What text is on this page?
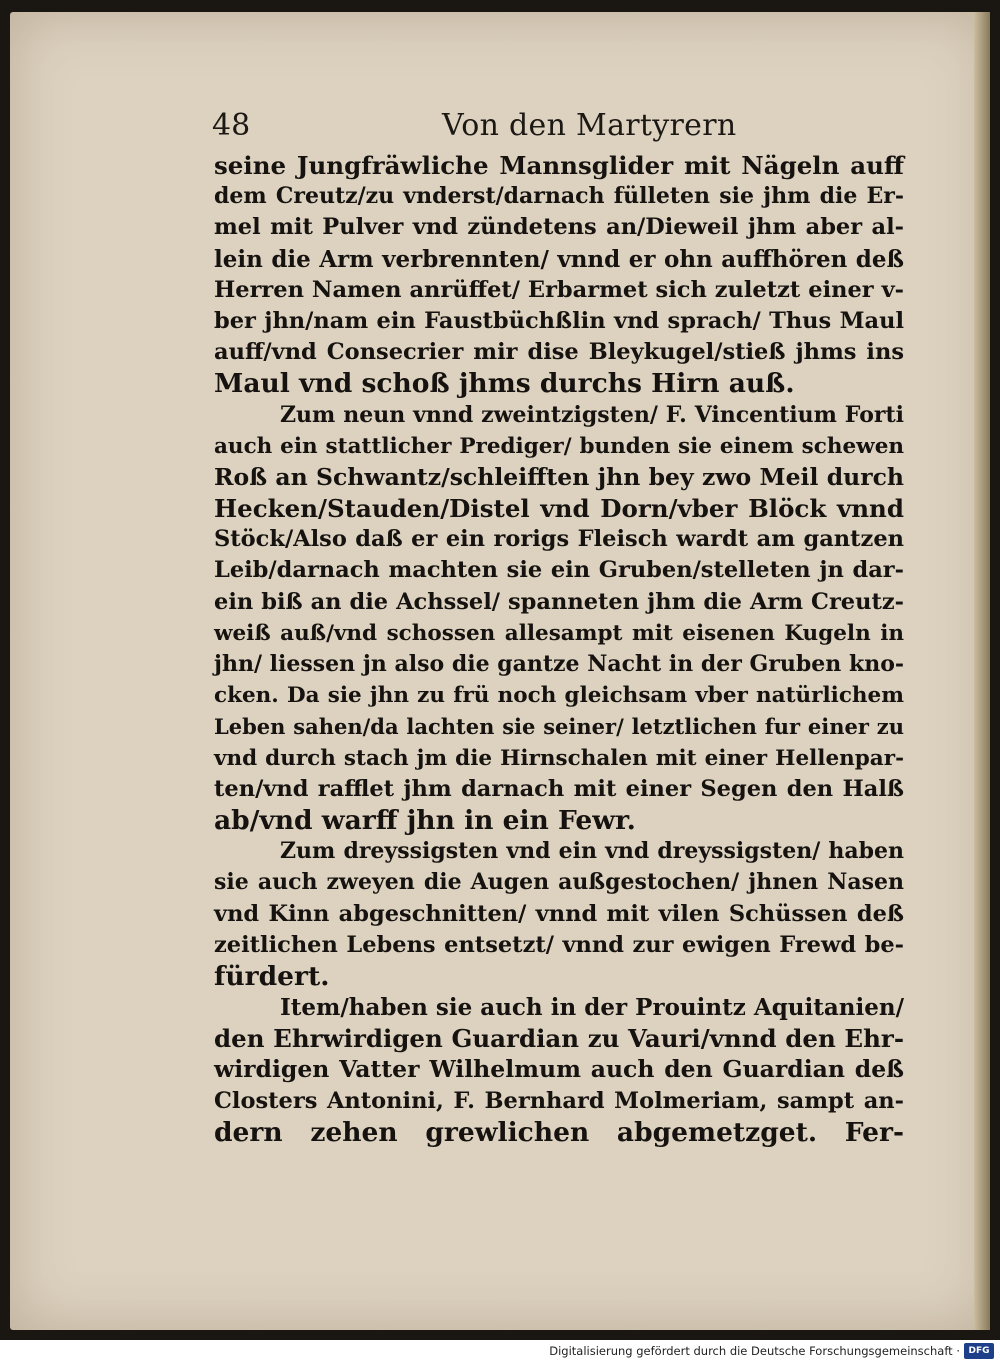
48	Von den Martyrern
seine Jungfräwliche Mannsglider mit Nägeln auff
dem Creutz/zu vnderst/darnach fülleten sie jhm die Er-
mel mit Pulver vnd zündetens an/Dieweil jhm aber al-
lein die Arm verbrennten/ vnnd er ohn auffhören deß
Herren Namen anrüffet/ Erbarmet sich zuletzt einer v-
ber jhn/nam ein Faustbüchßlin vnd sprach/ Thus Maul
auff/vnd Consecrier mir dise Bleykugel/stieß jhms ins
Maul vnd schoß jhms durchs Hirn auß.
Zum neun vnnd zweintzigsten/ F. Vincentium Forti
auch ein stattlicher Prediger/ bunden sie einem schewen
Roß an Schwantz/schleifften jhn bey zwo Meil durch
Hecken/Stauden/Distel vnd Dorn/vber Blöck vnnd
Stöck/Also daß er ein rorigs Fleisch wardt am gantzen
Leib/darnach machten sie ein Gruben/stelleten jn dar-
ein biß an die Achssel/ spanneten jhm die Arm Creutz-
weiß auß/vnd schossen allesampt mit eisenen Kugeln in
jhn/ liessen jn also die gantze Nacht in der Gruben kno-
cken. Da sie jhn zu frü noch gleichsam vber natürlichem
Leben sahen/da lachten sie seiner/ letztlichen fur einer zu
vnd durch stach jm die Hirnschalen mit einer Hellenpar-
ten/vnd rafflet jhm darnach mit einer Segen den Halß
ab/vnd warff jhn in ein Fewr.
Zum dreyssigsten vnd ein vnd dreyssigsten/ haben
sie auch zweyen die Augen außgestochen/ jhnen Nasen
vnd Kinn abgeschnitten/ vnnd mit vilen Schüssen deß
zeitlichen Lebens entsetzt/ vnnd zur ewigen Frewd be-
fürdert.
Item/haben sie auch in der Prouintz Aquitanien/
den Ehrwirdigen Guardian zu Vauri/vnnd den Ehr-
wirdigen Vatter Wilhelmum auch den Guardian deß
Closters Antonini, F. Bernhard Molmeriam, sampt an-
dern zehen grewlichen abgemetzget. Fer-
Digitalisierung gefördert durch die Deutsche Forschungsgemeinschaft · DFG
